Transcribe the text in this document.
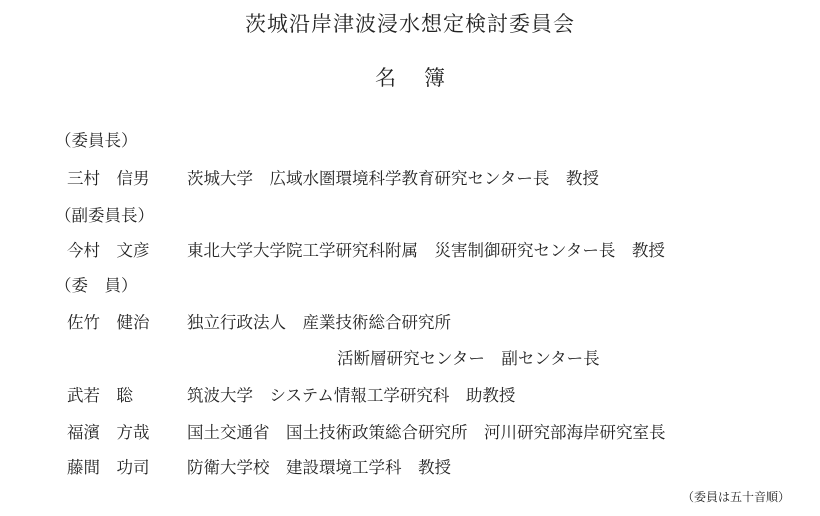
茨城沿岸津波浸水想定検討委員会
名 簿
（委員長）
三村　信男 茨城大学　広域水圏環境科学教育研究センター長　教授
（副委員長）
今村　文彦 東北大学大学院工学研究科附属　災害制御研究センター長　教授
（委　員）
佐竹　健治 独立行政法人　産業技術総合研究所
活断層研究センター　副センター長
武若　聡	筑波大学　システム情報工学研究科　助教授
福濱　方哉 国土交通省　国土技術政策総合研究所　河川研究部海岸研究室長
藤間　功司 防衛大学校　建設環境工学科　教授
（委員は五十音順）
